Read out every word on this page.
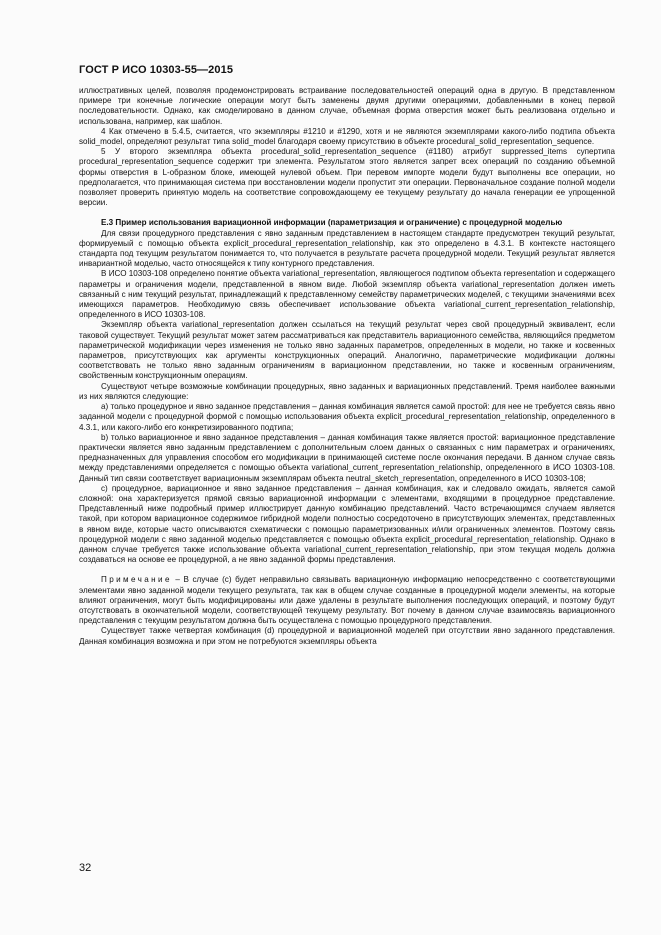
ГОСТ Р ИСО 10303-55—2015

иллюстративных целей, позволяя продемонстрировать встраивание последовательностей операций одна в другую. В представленном примере три конечные логические операции могут быть заменены двумя другими операциями, добавленными в конец первой последовательности. Однако, как смоделировано в данном случае, объемная форма отверстия может быть реализована отдельно и использована, например, как шаблон.

4 Как отмечено в 5.4.5, считается, что экземпляры #1210 и #1290, хотя и не являются экземплярами какого-либо подтипа объекта solid_model, определяют результат типа solid_model благодаря своему присутствию в объекте procedural_solid_representation_sequence.

5 У второго экземпляра объекта procedural_solid_representation_sequence (#1180) атрибут suppressed_items супертипа procedural_representation_sequence содержит три элемента. Результатом этого является запрет всех операций по созданию объемной формы отверстия в L-образном блоке, имеющей нулевой объем. При перевом импорте модели будут выполнены все операции, но предполагается, что принимающая система при восстановлении модели пропустит эти операции. Первоначальное создание полной модели позволяет проверить принятую модель на соответствие сопровождающему ее текущему результату до начала генерации ее упрощенной версии.

Е.3 Пример использования вариационной информации (параметризация и ограничение) с процедурной моделью

Для связи процедурного представления с явно заданным представлением в настоящем стандарте предусмотрен текущий результат, формируемый с помощью объекта explicit_procedural_representation_relationship, как это определено в 4.3.1. В контексте настоящего стандарта под текущим результатом понимается то, что получается в результате расчета процедурной модели. Текущий результат является инвариантной моделью, часто относящейся к типу контурного представления.

В ИСО 10303-108 определено понятие объекта variational_representation, являющегося подтипом объекта representation и содержащего параметры и ограничения модели, представленной в явном виде. Любой экземпляр объекта variational_representation должен иметь связанный с ним текущий результат, принадлежащий к представленному семейству параметрических моделей, с текущими значениями всех имеющихся параметров. Необходимую связь обеспечивает использование объекта variational_current_representation_relationship, определенного в ИСО 10303-108.

Экземпляр объекта variational_representation должен ссылаться на текущий результат через свой процедурный эквивалент, если таковой существует. Текущий результат может затем рассматриваться как представитель вариационного семейства, являющийся предметом параметрической модификации через изменения не только явно заданных параметров, определенных в модели, но также и косвенных параметров, присутствующих как аргументы конструкционных операций. Аналогично, параметрические модификации должны соответствовать не только явно заданным ограничениям в вариационном представлении, но также и косвенным ограничениям, свойственным конструкционным операциям.

Существуют четыре возможные комбинации процедурных, явно заданных и вариационных представлений. Тремя наиболее важными из них являются следующие:

а) только процедурное и явно заданное представления – данная комбинация является самой простой: для нее не требуется связь явно заданной модели с процедурной формой с помощью использования объекта explicit_procedural_representation_relationship, определенного в 4.3.1, или какого-либо его конкретизированного подтипа;

b) только вариационное и явно заданное представления – данная комбинация также является простой: вариационное представление практически является явно заданным представлением с дополнительным слоем данных о связанных с ним параметрах и ограничениях, предназначенных для управления способом его модификации в принимающей системе после окончания передачи. В данном случае связь между представлениями определяется с помощью объекта variational_current_representation_relationship, определенного в ИСО 10303-108. Данный тип связи соответствует вариационным экземплярам объекта neutral_sketch_representation, определенного в ИСО 10303-108;

с) процедурное, вариационное и явно заданное представления – данная комбинация, как и следовало ожидать, является самой сложной: она характеризуется прямой связью вариационной информации с элементами, входящими в процедурное представление. Представленный ниже подробный пример иллюстрирует данную комбинацию представлений. Часто встречающимся случаем является такой, при котором вариационное содержимое гибридной модели полностью сосредоточено в присутствующих элементах, представленных в явном виде, которые часто описываются схематически с помощью параметризованных и/или ограниченных элементов. Поэтому связь процедурной модели с явно заданной моделью представляется с помощью объекта explicit_procedural_representation_relationship. Однако в данном случае требуется также использование объекта variational_current_representation_relationship, при этом текущая модель должна создаваться на основе ее процедурной, а не явно заданной формы представления.

Примечание – В случае (с) будет неправильно связывать вариационную информацию непосредственно с соответствующими элементами явно заданной модели текущего результата, так как в общем случае созданные в процедурной модели элементы, на которые влияют ограничения, могут быть модифицированы или даже удалены в результате выполнения последующих операций, и поэтому будут отсутствовать в окончательной модели, соответствующей текущему результату. Вот почему в данном случае взаимосвязь вариационного представления с текущим результатом должна быть осуществлена с помощью процедурного представления.

Существует также четвертая комбинация (d) процедурной и вариационной моделей при отсутствии явно заданного представления. Данная комбинация возможна и при этом не потребуются экземпляры объекта

32
